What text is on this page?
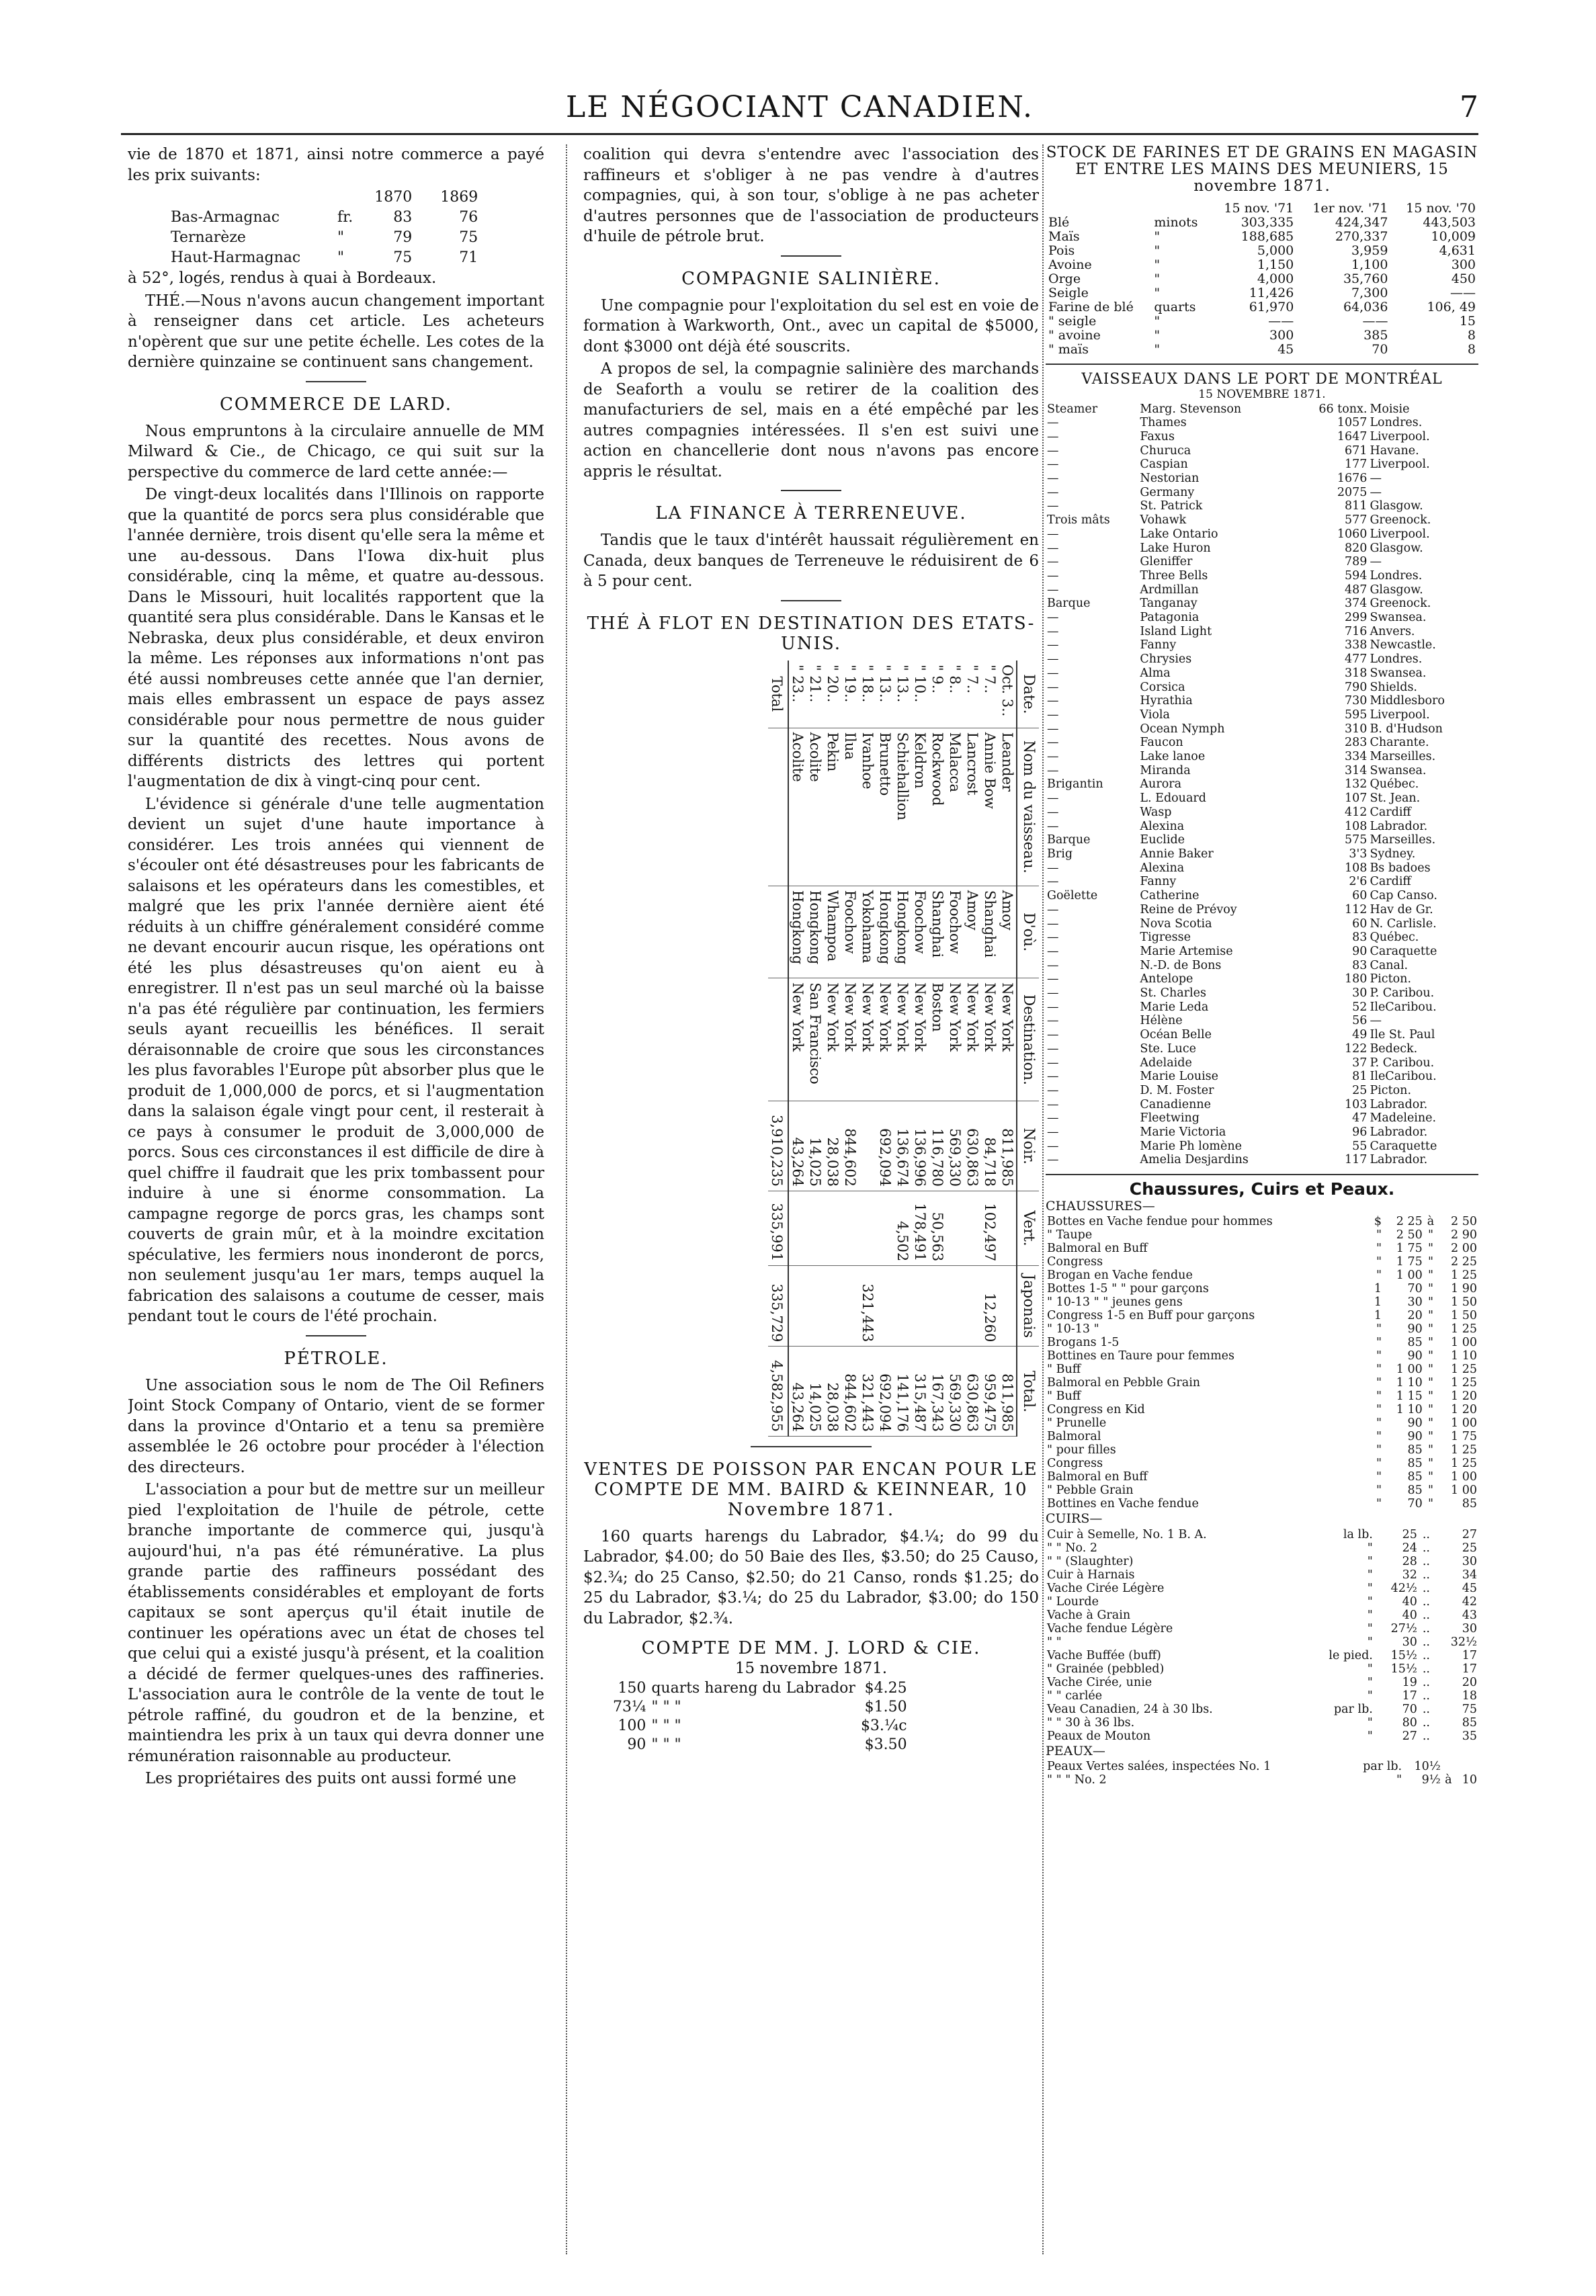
LE NÉGOCIANT CANADIEN.	7

vie de 1870 et 1871, ainsi notre commerce a payé les prix suivants:

		1870	1869
Bas-Armagnac	fr.	83	76
Ternarèze	"	79	75
Haut-Harmagnac	"	75	71

à 52°, logés, rendus à quai à Bordeaux.

THÉ.—Nous n'avons aucun changement important à renseigner dans cet article. Les acheteurs n'opèrent que sur une petite échelle. Les cotes de la dernière quinzaine se continuent sans changement.

COMMERCE DE LARD.

Nous empruntons à la circulaire annuelle de MM Milward & Cie., de Chicago, ce qui suit sur la perspective du commerce de lard cette année:—

De vingt-deux localités dans l'Illinois on rapporte que la quantité de porcs sera plus considérable que l'année dernière, trois disent qu'elle sera la même et une au-dessous. Dans l'Iowa dix-huit plus considérable, cinq la même, et quatre au-dessous. Dans le Missouri, huit localités rapportent que la quantité sera plus considérable. Dans le Kansas et le Nebraska, deux plus considérable, et deux environ la même. Les réponses aux informations n'ont pas été aussi nombreuses cette année que l'an dernier, mais elles embrassent un espace de pays assez considérable pour nous permettre de nous guider sur la quantité des recettes. Nous avons de différents districts des lettres qui portent l'augmentation de dix à vingt-cinq pour cent.

L'évidence si générale d'une telle augmentation devient un sujet d'une haute importance à considérer. Les trois années qui viennent de s'écouler ont été désastreuses pour les fabricants de salaisons et les opérateurs dans les comestibles, et malgré que les prix l'année dernière aient été réduits à un chiffre généralement considéré comme ne devant encourir aucun risque, les opérations ont été les plus désastreuses qu'on aient eu à enregistrer. Il n'est pas un seul marché où la baisse n'a pas été régulière par continuation, les fermiers seuls ayant recueillis les bénéfices. Il serait déraisonnable de croire que sous les circonstances les plus favorables l'Europe pût absorber plus que le produit de 1,000,000 de porcs, et si l'augmentation dans la salaison égale vingt pour cent, il resterait à ce pays à consumer le produit de 3,000,000 de porcs. Sous ces circonstances il est difficile de dire à quel chiffre il faudrait que les prix tombassent pour induire à une si énorme consommation. La campagne regorge de porcs gras, les champs sont couverts de grain mûr, et à la moindre excitation spéculative, les fermiers nous inonderont de porcs, non seulement jusqu'au 1er mars, temps auquel la fabrication des salaisons a coutume de cesser, mais pendant tout le cours de l'été prochain.

PÉTROLE.

Une association sous le nom de The Oil Refiners Joint Stock Company of Ontario, vient de se former dans la province d'Ontario et a tenu sa première assemblée le 26 octobre pour procéder à l'élection des directeurs.

L'association a pour but de mettre sur un meilleur pied l'exploitation de l'huile de pétrole, cette branche importante de commerce qui, jusqu'à aujourd'hui, n'a pas été rémunérative. La plus grande partie des raffineurs possédant des établissements considérables et employant de forts capitaux se sont aperçus qu'il était inutile de continuer les opérations avec un état de choses tel que celui qui a existé jusqu'à présent, et la coalition a décidé de fermer quelques-unes des raffineries. L'association aura le contrôle de la vente de tout le pétrole raffiné, du goudron et de la benzine, et maintiendra les prix à un taux qui devra donner une rémunération raisonnable au producteur.

Les propriétaires des puits ont aussi formé une

coalition qui devra s'entendre avec l'association des raffineurs et s'obliger à ne pas vendre à d'autres compagnies, qui, à son tour, s'oblige à ne pas acheter d'autres personnes que de l'association de producteurs d'huile de pétrole brut.

COMPAGNIE SALINIÈRE.

Une compagnie pour l'exploitation du sel est en voie de formation à Warkworth, Ont., avec un capital de $5000, dont $3000 ont déjà été souscrits.

A propos de sel, la compagnie salinière des marchands de Seaforth a voulu se retirer de la coalition des manufacturiers de sel, mais en a été empêché par les autres compagnies intéressées. Il s'en est suivi une action en chancellerie dont nous n'avons pas encore appris le résultat.

LA FINANCE À TERRENEUVE.

Tandis que le taux d'intérêt haussait régulièrement en Canada, deux banques de Terreneuve le réduisirent de 6 à 5 pour cent.

THÉ À FLOT EN DESTINATION DES ETATS-UNIS.
Date.	Nom du vaisseau.	D'où.	Destination.	Noir.	Vert.	Japonais	Total.
Oct. 3..	Leander	Amoy	New York	811,985			811,985
" 7..	Annie Bow	Shanghai	New York	84,718	102,497	12,260	959,475
" 7..	Lancrost	Amoy	New York	630,863			630,863
" 8..	Malacca	Foochow	New York	569,330			569,330
" 9..	Rockwood	Shanghai	Boston	116,780	50,563		167,343
" 10..	Keldron	Foochow	New York	136,996	178,491		315,487
" 13..	Schiehallion	Hongkong	New York	136,674	4,502		141,176
" 13..	Brunetto	Hongkong	New York	692,094			692,094
" 18..	Ivanhoe	Yokohama	New York			321,443	321,443
" 19..	Ilua	Foochow	New York	844,602			844,602
" 20..	Pekin	Whampoa	New York	28,038			28,038
" 21..	Acolite	Hongkong	San Francisco	14,025			14,025
" 23..	Acolite	Hongkong	New York	43,264			43,264
Total				3,910,235	335,991	335,729	4,582,955
VENTES DE POISSON PAR ENCAN POUR LE COMPTE DE MM. BAIRD & KEINNEAR, 10 Novembre 1871.

160 quarts harengs du Labrador, $4.¼; do 99 du Labrador, $4.00; do 50 Baie des Iles, $3.50; do 25 Causo, $2.¾; do 25 Canso, $2.50; do 21 Canso, ronds $1.25; do 25 du Labrador, $3.¼; do 25 du Labrador, $3.00; do 150 du Labrador, $2.¾.

COMPTE DE MM. J. LORD & CIE.
15 novembre 1871.
150	quarts hareng du Labrador	$4.25
73¼	" " "	$1.50
100	" " "	$3.¼c
90	" " "	$3.50
STOCK DE FARINES ET DE GRAINS EN MAGASIN ET ENTRE LES MAINS DES MEUNIERS, 15 novembre 1871.
		15 nov. '71	1er nov. '71	15 nov. '70
Blé	minots	303,335	424,347	443,503
Maïs	"	188,685	270,337	10,009
Pois	"	5,000	3,959	4,631
Avoine	"	1,150	1,100	300
Orge	"	4,000	35,760	450
Seigle	"	11,426	7,300	——
Farine de blé	quarts	61,970	64,036	106, 49
" seigle	"	——	——	15
" avoine	"	300	385	8
" maïs	"	45	70	8
VAISSEAUX DANS LE PORT DE MONTRÉAL
15 NOVEMBRE 1871.
Steamer	Marg. Stevenson	66 tonx.	Moisie
—	Thames	1057	Londres.
—	Faxus	1647	Liverpool.
—	Churuca	671	Havane.
—	Caspian	177	Liverpool.
—	Nestorian	1676	—
—	Germany	2075	—
—	St. Patrick	811	Glasgow.
Trois mâts	Vohawk	577	Greenock.
—	Lake Ontario	1060	Liverpool.
—	Lake Huron	820	Glasgow.
—	Gleniffer	789	—
—	Three Bells	594	Londres.
—	Ardmillan	487	Glasgow.
Barque	Tanganay	374	Greenock.
—	Patagonia	299	Swansea.
—	Island Light	716	Anvers.
—	Fanny	338	Newcastle.
—	Chrysies	477	Londres.
—	Alma	318	Swansea.
—	Corsica	790	Shields.
—	Hyrathia	730	Middlesboro
—	Viola	595	Liverpool.
—	Ocean Nymph	310	B. d'Hudson
—	Faucon	283	Charante.
—	Lake lanoe	334	Marseilles.
—	Miranda	314	Swansea.
Brigantin	Aurora	132	Québec.
—	L. Edouard	107	St. Jean.
—	Wasp	412	Cardiff
—	Alexina	108	Labrador.
Barque	Euclide	575	Marseilles.
Brig	Annie Baker	3'3	Sydney.
—	Alexina	108	Bs badoes
—	Fanny	2'6	Cardiff
Goëlette	Catherine	60	Cap Canso.
—	Reine de Prévoy	112	Hav de Gr.
—	Nova Scotia	60	N. Carlisle.
—	Tigresse	83	Québec.
—	Marie Artemise	90	Caraquette
—	N.-D. de Bons	83	Canal.
—	Antelope	180	Picton.
—	St. Charles	30	P. Caribou.
—	Marie Leda	52	IleCaribou.
—	Hélène	56	—
—	Océan Belle	49	Ile St. Paul
—	Ste. Luce	122	Bedeck.
—	Adelaide	37	P. Caribou.
—	Marie Louise	81	IleCaribou.
—	D. M. Foster	25	Picton.
—	Canadienne	103	Labrador.
—	Fleetwing	47	Madeleine.
—	Marie Victoria	96	Labrador.
—	Marie Ph lomène	55	Caraquette
—	Amelia Desjardins	117	Labrador.
Chaussures, Cuirs et Peaux.
CHAUSSURES—
Bottes en Vache fendue pour hommes	$	2 25	à	2 50
" Taupe	"	2 50	"	2 90
Balmoral en Buff	"	1 75	"	2 00
Congress	"	1 75	"	2 25
Brogan en Vache fendue	"	1 00	"	1 25
Bottes 1-5 " " pour garçons	1	70	"	1 90
" 10-13 " " jeunes gens	1	30	"	1 50
Congress 1-5 en Buff pour garçons	1	20	"	1 50
" 10-13 "	"	90	"	1 25
Brogans 1-5	"	85	"	1 00
Bottines en Taure pour femmes	"	90	"	1 10
" Buff	"	1 00	"	1 25
Balmoral en Pebble Grain	"	1 10	"	1 25
" Buff	"	1 15	"	1 20
Congress en Kid	"	1 10	"	1 20
" Prunelle	"	90	"	1 00
Balmoral	"	90	"	1 75
" pour filles	"	85	"	1 25
Congress	"	85	"	1 25
Balmoral en Buff	"	85	"	1 00
" Pebble Grain	"	85	"	1 00
Bottines en Vache fendue	"	70	"	85
CUIRS—
Cuir à Semelle, No. 1 B. A.	la lb.	25	..	27
" " No. 2	"	24	..	25
" " (Slaughter)	"	28	..	30
Cuir à Harnais	"	32	..	34
Vache Cirée Légère	"	42½	..	45
" Lourde	"	40	..	42
Vache à Grain	"	40	..	43
Vache fendue Légère	"	27½	..	30
" "	"	30	..	32½
Vache Buffée (buff)	le pied.	15½	..	17
" Grainée (pebbled)	"	15½	..	17
Vache Cirée, unie	"	19	..	20
" " carlée	"	17	..	18
Veau Canadien, 24 à 30 lbs.	par lb.	70	..	75
" " 30 à 36 lbs.	"	80	..	85
Peaux de Mouton	"	27	..	35
PEAUX—
Peaux Vertes salées, inspectées No. 1	par lb.	10½		
" " " No. 2	"	9½	à	10
